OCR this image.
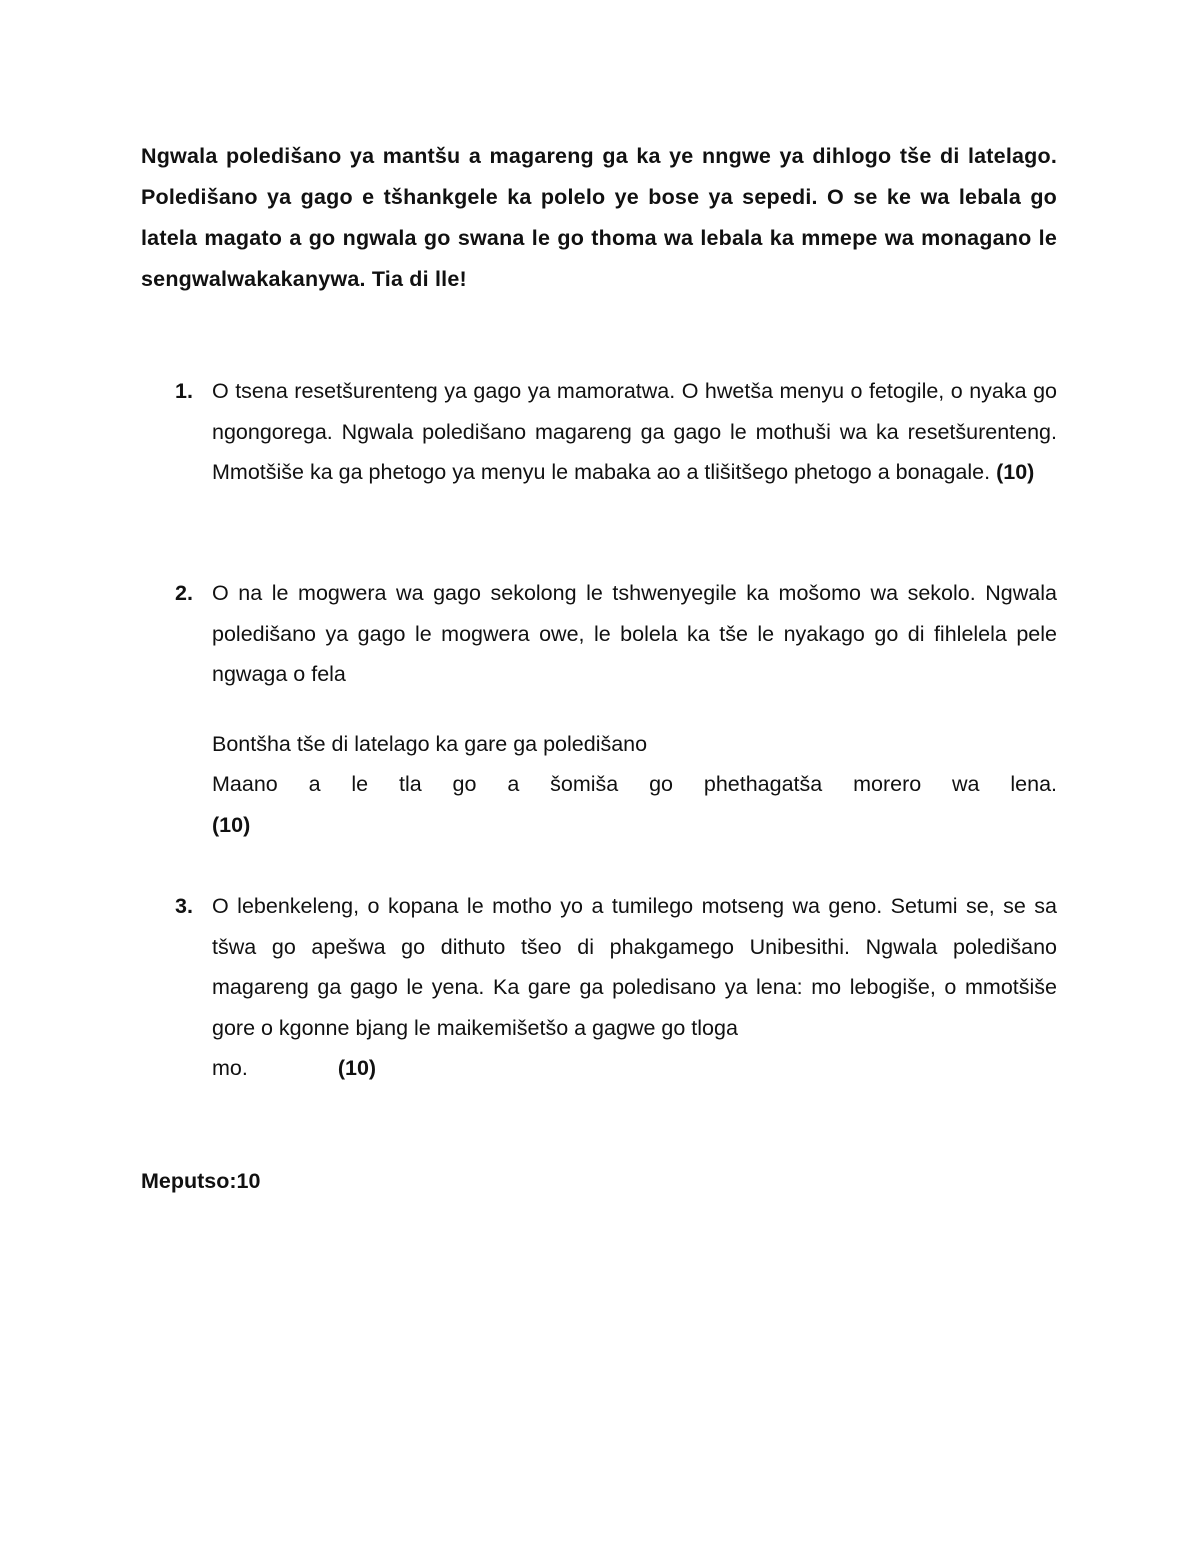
Ngwala poledišano ya mantšu a magareng ga ka ye nngwe ya dihlogo tše di latelago. Poledišano ya gago e tšhankgele ka polelo ye bose ya sepedi. O se ke wa lebala go latela magato a go ngwala go swana le go thoma wa lebala ka mmepe wa monagano le sengwalwakakanywa. Tia di lle!

1. O tsena resetšurenteng ya gago ya mamoratwa. O hwetša menyu o fetogile, o nyaka go ngongorega. Ngwala poledišano magareng ga gago le mothuši wa ka resetšurenteng. Mmotšiše ka ga phetogo ya menyu le mabaka ao a tlišitšego phetogo a bonagale. (10)

2. O na le mogwera wa gago sekolong le tshwenyegile ka mošomo wa sekolo. Ngwala poledišano ya gago le mogwera owe, le bolela ka tše le nyakago go di fihlelela pele ngwaga o fela

Bontšha tše di latelago ka gare ga poledišano
Maano a le tla go a šomiša go phethagatša morero wa lena.
(10)
3. O lebenkeleng, o kopana le motho yo a tumilego motseng wa geno. Setumi se, se sa tšwa go apešwa go dithuto tšeo di phakgamego Unibesithi. Ngwala poledišano magareng ga gago le yena. Ka gare ga poledisano ya lena: mo lebogiše, o mmotšiše gore o kgonne bjang le maikemišetšo a gagwe go tloga

mo.	(10)

Meputso:10
